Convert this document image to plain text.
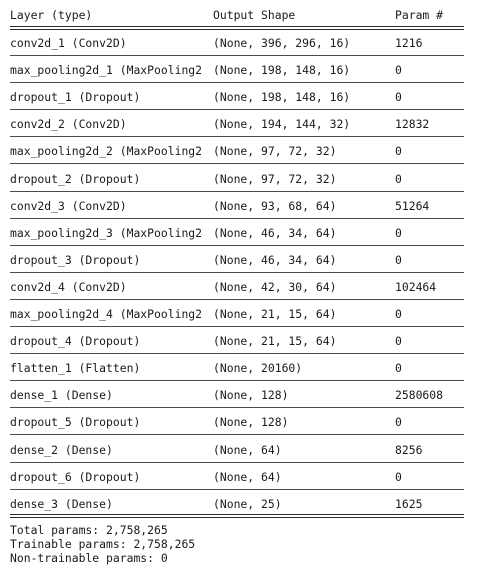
Layer (type)	Output Shape	Param #
conv2d_1 (Conv2D)	(None, 396, 296, 16)	1216
max_pooling2d_1 (MaxPooling2 (None, 198, 148, 16)	0
dropout_1 (Dropout)	(None, 198, 148, 16)	0
conv2d_2 (Conv2D)	(None, 194, 144, 32)	12832
max_pooling2d_2 (MaxPooling2 (None, 97, 72, 32)	0
dropout_2 (Dropout)	(None, 97, 72, 32)	0
conv2d_3 (Conv2D)	(None, 93, 68, 64)	51264
max_pooling2d_3 (MaxPooling2 (None, 46, 34, 64)	0
dropout_3 (Dropout)	(None, 46, 34, 64)	0
conv2d_4 (Conv2D)	(None, 42, 30, 64)	102464
max_pooling2d_4 (MaxPooling2 (None, 21, 15, 64)	0
dropout_4 (Dropout)	(None, 21, 15, 64)	0
flatten_1 (Flatten)	(None, 20160)	0
dense_1 (Dense)	(None, 128)	2580608
dropout_5 (Dropout)	(None, 128)	0
dense_2 (Dense)	(None, 64)	8256
dropout_6 (Dropout)	(None, 64)	0
dense_3 (Dense)	(None, 25)	1625
Total params: 2,758,265
Trainable params: 2,758,265
Non-trainable params: 0
